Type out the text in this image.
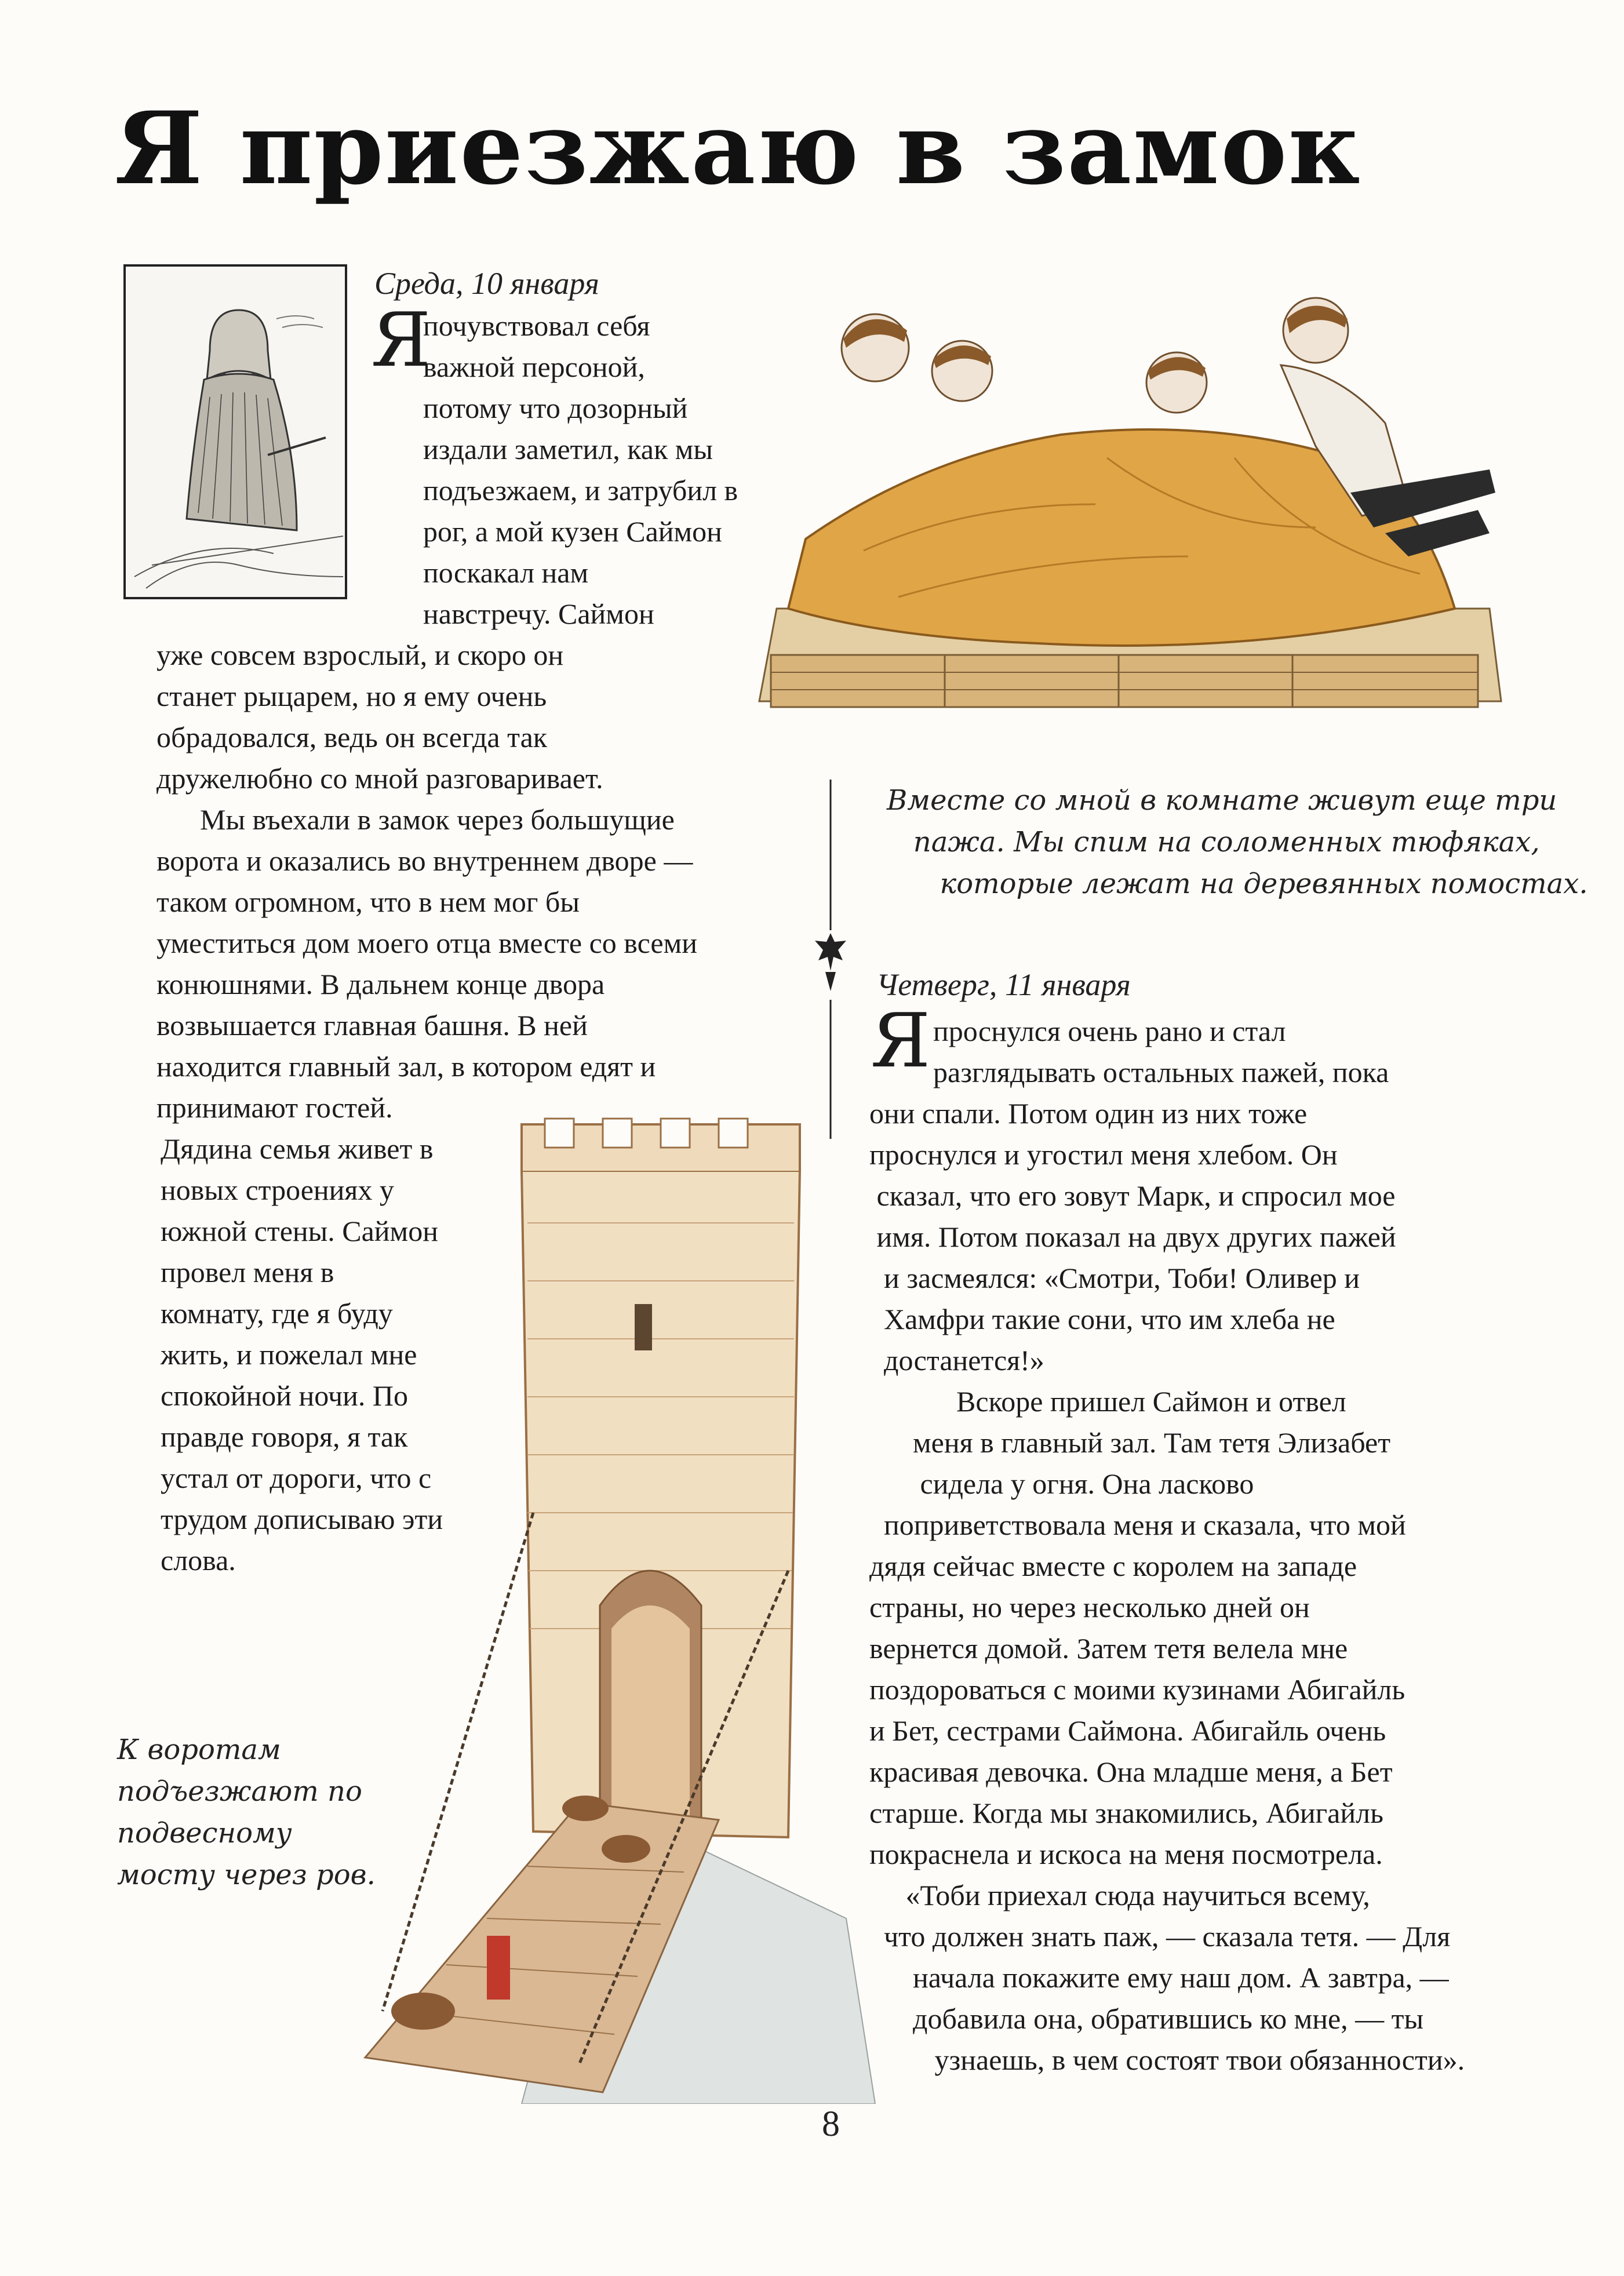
Я приезжаю в замок
Среда, 10 января
Я
почувствовал себя
важной персоной,
потому что дозорный
издали заметил, как мы
подъезжаем, и затрубил в
рог, а мой кузен Саймон
поскакал нам
навстречу. Саймон
уже совсем взрослый, и скоро он
станет рыцарем, но я ему очень
обрадовался, ведь он всегда так
дружелюбно со мной разговаривает.
Мы въехали в замок через большущие
ворота и оказались во внутреннем дворе —
таком огромном, что в нем мог бы
уместиться дом моего отца вместе со всеми
конюшнями. В дальнем конце двора
возвышается главная башня. В ней
находится главный зал, в котором едят и
принимают гостей.
Дядина семья живет в
новых строениях у
южной стены. Саймон
провел меня в
комнату, где я буду
жить, и пожелал мне
спокойной ночи. По
правде говоря, я так
устал от дороги, что с
трудом дописываю эти
слова.
Вместе со мной в комнате живут еще три
пажа. Мы спим на соломенных тюфяках,
которые лежат на деревянных помостах.
Четверг, 11 января
Я проснулся очень рано и стал
разглядывать остальных пажей, пока
они спали. Потом один из них тоже
проснулся и угостил меня хлебом. Он
сказал, что его зовут Марк, и спросил мое
имя. Потом показал на двух других пажей
и засмеялся: «Смотри, Тоби! Оливер и
Хамфри такие сони, что им хлеба не
достанется!»
Вскоре пришел Саймон и отвел
меня в главный зал. Там тетя Элизабет
сидела у огня. Она ласково
поприветствовала меня и сказала, что мой
дядя сейчас вместе с королем на западе
страны, но через несколько дней он
вернется домой. Затем тетя велела мне
поздороваться с моими кузинами Абигайль
и Бет, сестрами Саймона. Абигайль очень
красивая девочка. Она младше меня, а Бет
старше. Когда мы знакомились, Абигайль
покраснела и искоса на меня посмотрела.
«Тоби приехал сюда научиться всему,
что должен знать паж, — сказала тетя. — Для
начала покажите ему наш дом. А завтра, —
добавила она, обратившись ко мне, — ты
узнаешь, в чем состоят твои обязанности».
К воротам
подъезжают по
подвесному
мосту через ров.
8
